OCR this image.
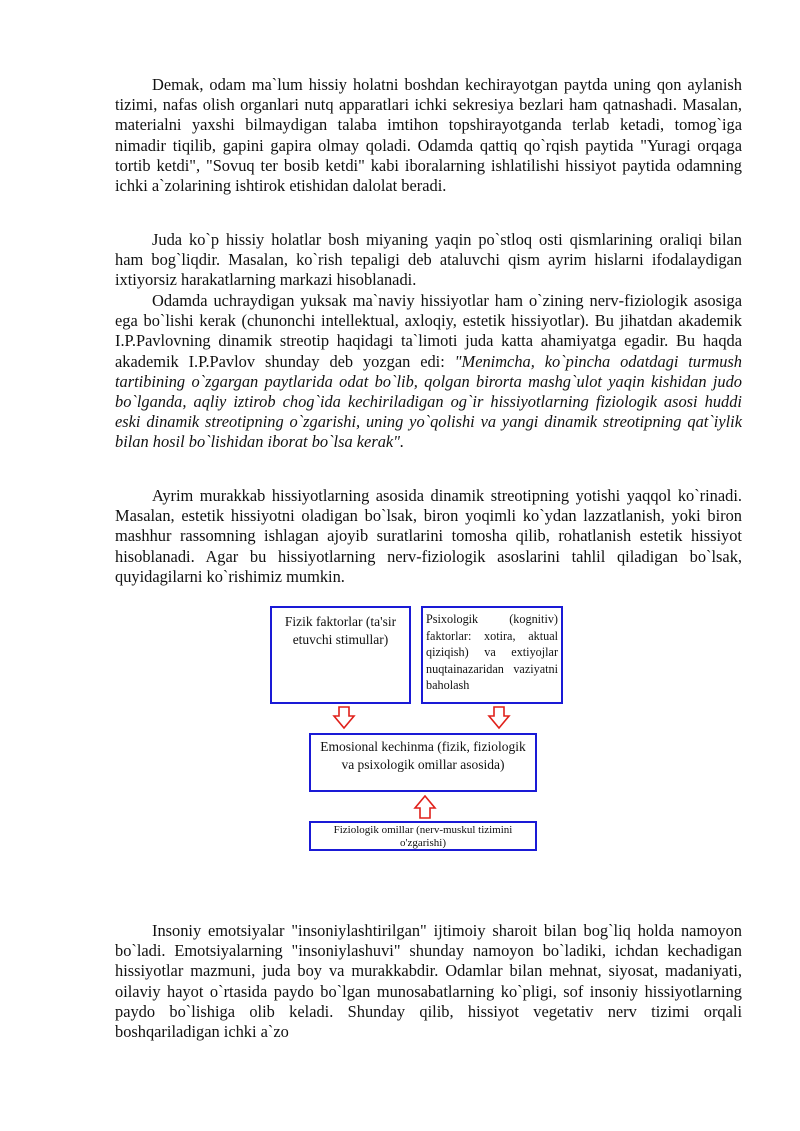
Demak, odam ma`lum hissiy holatni boshdan kechirayotgan paytda uning qon aylanish tizimi, nafas olish organlari nutq apparatlari ichki sekresiya bezlari ham qatnashadi. Masalan, materialni yaxshi bilmaydigan talaba imtihon topshirayotganda terlab ketadi, tomog`iga nimadir tiqilib, gapini gapira olmay qoladi. Odamda qattiq qo`rqish paytida "Yuragi orqaga tortib ketdi", "Sovuq ter bosib ketdi" kabi iboralarning ishlatilishi hissiyot paytida odamning ichki a`zolarining ishtirok etishidan dalolat beradi.

Juda ko`p hissiy holatlar bosh miyaning yaqin po`stloq osti qismlarining oraliqi bilan ham bog`liqdir. Masalan, ko`rish tepaligi deb ataluvchi qism ayrim hislarni ifodalaydigan ixtiyorsiz harakatlarning markazi hisoblanadi.

Odamda uchraydigan yuksak ma`naviy hissiyotlar ham o`zining nerv-fiziologik asosiga ega bo`lishi kerak (chunonchi intellektual, axloqiy, estetik hissiyotlar). Bu jihatdan akademik I.P.Pavlovning dinamik streotip haqidagi ta`limoti juda katta ahamiyatga egadir. Bu haqda akademik I.P.Pavlov shunday deb yozgan edi: "Menimcha, ko`pincha odatdagi turmush tartibining o`zgargan paytlarida odat bo`lib, qolgan birorta mashg`ulot yaqin kishidan judo bo`lganda, aqliy iztirob chog`ida kechiriladigan og`ir hissiyotlarning fiziologik asosi huddi eski dinamik streotipning o`zgarishi, uning yo`qolishi va yangi dinamik streotipning qat`iylik bilan hosil bo`lishidan iborat bo`lsa kerak".

Ayrim murakkab hissiyotlarning asosida dinamik streotipning yotishi yaqqol ko`rinadi. Masalan, estetik hissiyotni oladigan bo`lsak, biron yoqimli ko`ydan lazzatlanish, yoki biron mashhur rassomning ishlagan ajoyib suratlarini tomosha qilib, rohatlanish estetik hissiyot hisoblanadi. Agar bu hissiyotlarning nerv-fiziologik asoslarini tahlil qiladigan bo`lsak, quyidagilarni ko`rishimiz mumkin.

Fizik faktorlar (ta'sir etuvchi stimullar)

Psixologik (kognitiv) faktorlar: xotira, aktual qiziqish) va extiyojlar nuqtainazaridan vaziyatni baholash

Emosional kechinma (fizik, fiziologik va psixologik omillar asosida)

Fiziologik omillar (nerv-muskul tizimini o'zgarishi)

Insoniy emotsiyalar "insoniylashtirilgan" ijtimoiy sharoit bilan bog`liq holda namoyon bo`ladi. Emotsiyalarning "insoniylashuvi" shunday namoyon bo`ladiki, ichdan kechadigan hissiyotlar mazmuni, juda boy va murakkabdir. Odamlar bilan mehnat, siyosat, madaniyati, oilaviy hayot o`rtasida paydo bo`lgan munosabatlarning ko`pligi, sof insoniy hissiyotlarning paydo bo`lishiga olib keladi. Shunday qilib, hissiyot vegetativ nerv tizimi orqali boshqariladigan ichki a`zo
